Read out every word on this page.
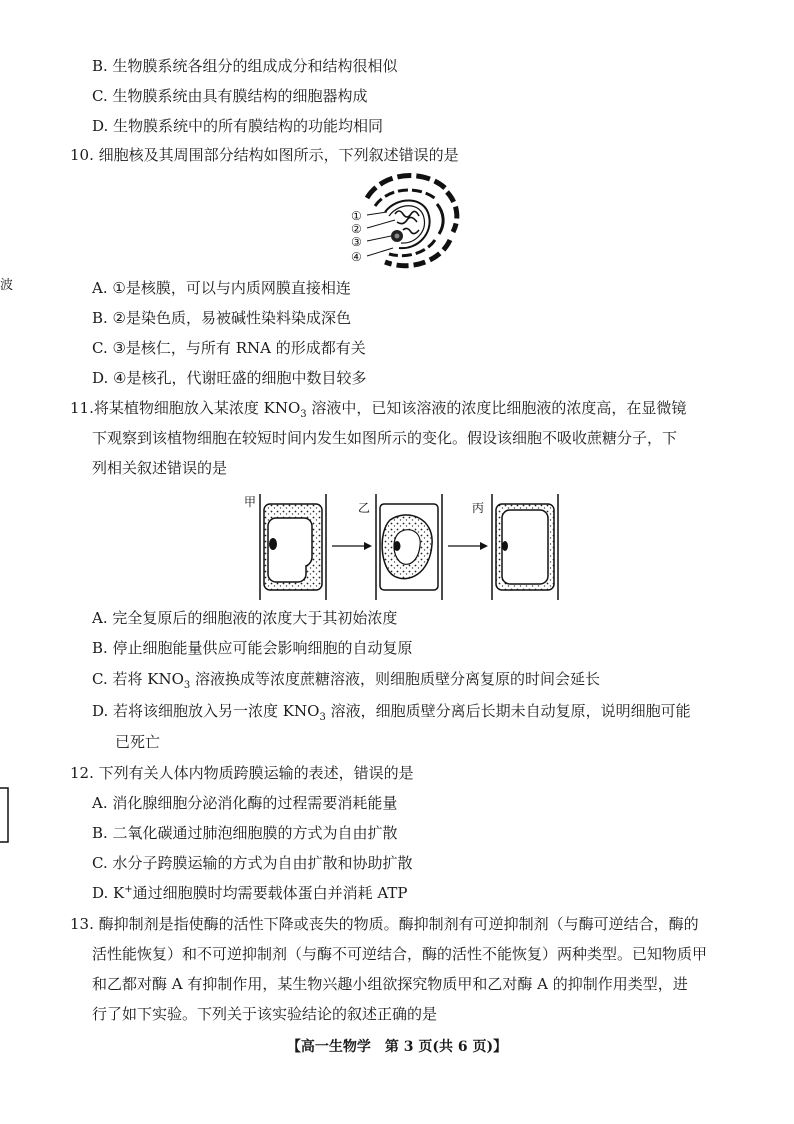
B. 生物膜系统各组分的组成成分和结构很相似
C. 生物膜系统由具有膜结构的细胞器构成
D. 生物膜系统中的所有膜结构的功能均相同
10. 细胞核及其周围部分结构如图所示，下列叙述错误的是
①
②
③
④
波	A. ①是核膜，可以与内质网膜直接相连
B. ②是染色质，易被碱性染料染成深色
C. ③是核仁，与所有 RNA 的形成都有关
D. ④是核孔，代谢旺盛的细胞中数目较多
11.将某植物细胞放入某浓度 $KNO_3$ 溶液中，已知该溶液的浓度比细胞液的浓度高，在显微镜
下观察到该植物细胞在较短时间内发生如图所示的变化。假设该细胞不吸收蔗糖分子，下
列相关叙述错误的是
甲	乙	丙
A. 完全复原后的细胞液的浓度大于其初始浓度
B. 停止细胞能量供应可能会影响细胞的自动复原
C. 若将 $KNO_3$ 溶液换成等浓度蔗糖溶液，则细胞质壁分离复原的时间会延长
D. 若将该细胞放入另一浓度 $KNO_3$ 溶液，细胞质壁分离后长期未自动复原，说明细胞可能
已死亡
12. 下列有关人体内物质跨膜运输的表述，错误的是
A. 消化腺细胞分泌消化酶的过程需要消耗能量
B. 二氧化碳通过肺泡细胞膜的方式为自由扩散
C. 水分子跨膜运输的方式为自由扩散和协助扩散
D. K+通过细胞膜时均需要载体蛋白并消耗 ATP
13. 酶抑制剂是指使酶的活性下降或丧失的物质。酶抑制剂有可逆抑制剂（与酶可逆结合，酶的
活性能恢复）和不可逆抑制剂（与酶不可逆结合，酶的活性不能恢复）两种类型。已知物质甲
和乙都对酶 A 有抑制作用，某生物兴趣小组欲探究物质甲和乙对酶 A 的抑制作用类型，进
行了如下实验。下列关于该实验结论的叙述正确的是
【高一生物学　第 3 页(共 6 页)】
